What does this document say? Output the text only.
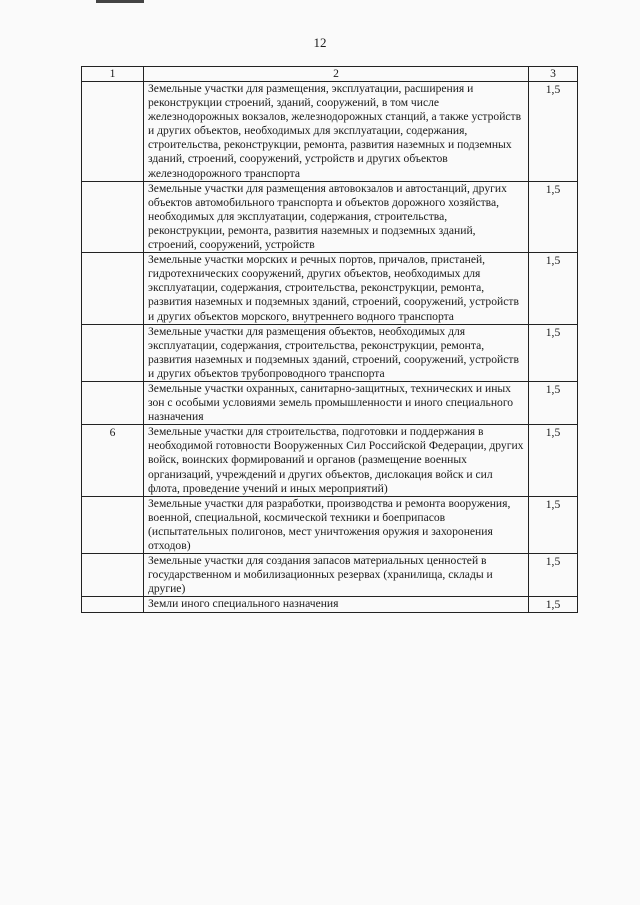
12
1	2	3

	Земельные участки для размещения, эксплуатации, расширения и реконструкции строений, зданий, сооружений, в том числе железнодорожных вокзалов, железнодорожных станций, а также устройств и других объектов, необходимых для эксплуатации, содержания, строительства, реконструкции, ремонта, развития наземных и подземных зданий, строений, сооружений, устройств и других объектов железнодорожного транспорта	1,5

	Земельные участки для размещения автовокзалов и автостанций, других объектов автомобильного транспорта и объектов дорожного хозяйства, необходимых для эксплуатации, содержания, строительства, реконструкции, ремонта, развития наземных и подземных зданий, строений, сооружений, устройств	1,5

	Земельные участки морских и речных портов, причалов, пристаней, гидротехнических сооружений, других объектов, необходимых для эксплуатации, содержания, строительства, реконструкции, ремонта, развития наземных и подземных зданий, строений, сооружений, устройств и других объектов морского, внутреннего водного транспорта	1,5

	Земельные участки для размещения объектов, необходимых для эксплуатации, содержания, строительства, реконструкции, ремонта, развития наземных и подземных зданий, строений, сооружений, устройств и других объектов трубопроводного транспорта	1,5

	Земельные участки охранных, санитарно-защитных, технических и иных зон с особыми условиями земель промышленности и иного специального назначения	1,5

6	Земельные участки для строительства, подготовки и поддержания в необходимой готовности Вооруженных Сил Российской Федерации, других войск, воинских формирований и органов (размещение военных организаций, учреждений и других объектов, дислокация войск и сил флота, проведение учений и иных мероприятий)	1,5

	Земельные участки для разработки, производства и ремонта вооружения, военной, специальной, космической техники и боеприпасов (испытательных полигонов, мест уничтожения оружия и захоронения отходов)	1,5

	Земельные участки для создания запасов материальных ценностей в государственном и мобилизационных резервах (хранилища, склады и другие)	1,5

	Земли иного специального назначения	1,5
